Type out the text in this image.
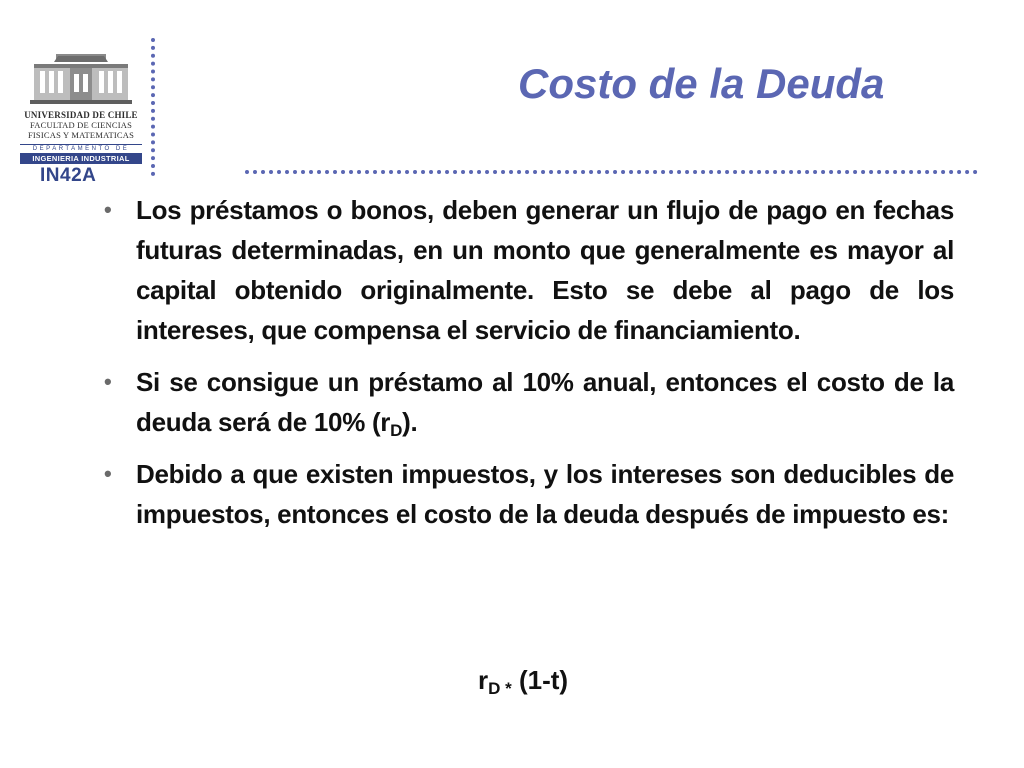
UNIVERSIDAD DE CHILE
FACULTAD DE CIENCIAS
FISICAS Y MATEMATICAS
DEPARTAMENTO DE
INGENIERIA INDUSTRIAL
IN42A
Costo de la Deuda
• Los préstamos o bonos, deben generar un flujo de pago en fechas futuras determinadas, en un monto que generalmente es mayor al capital obtenido originalmente. Esto se debe al pago de los intereses, que compensa el servicio de financiamiento.
• Si se consigue un préstamo al 10% anual, entonces el costo de la deuda será de 10% $(r_D)$.
• Debido a que existen impuestos, y los intereses son deducibles de impuestos, entonces el costo de la deuda después de impuesto es:
$r_{D *}$ (1-t)
